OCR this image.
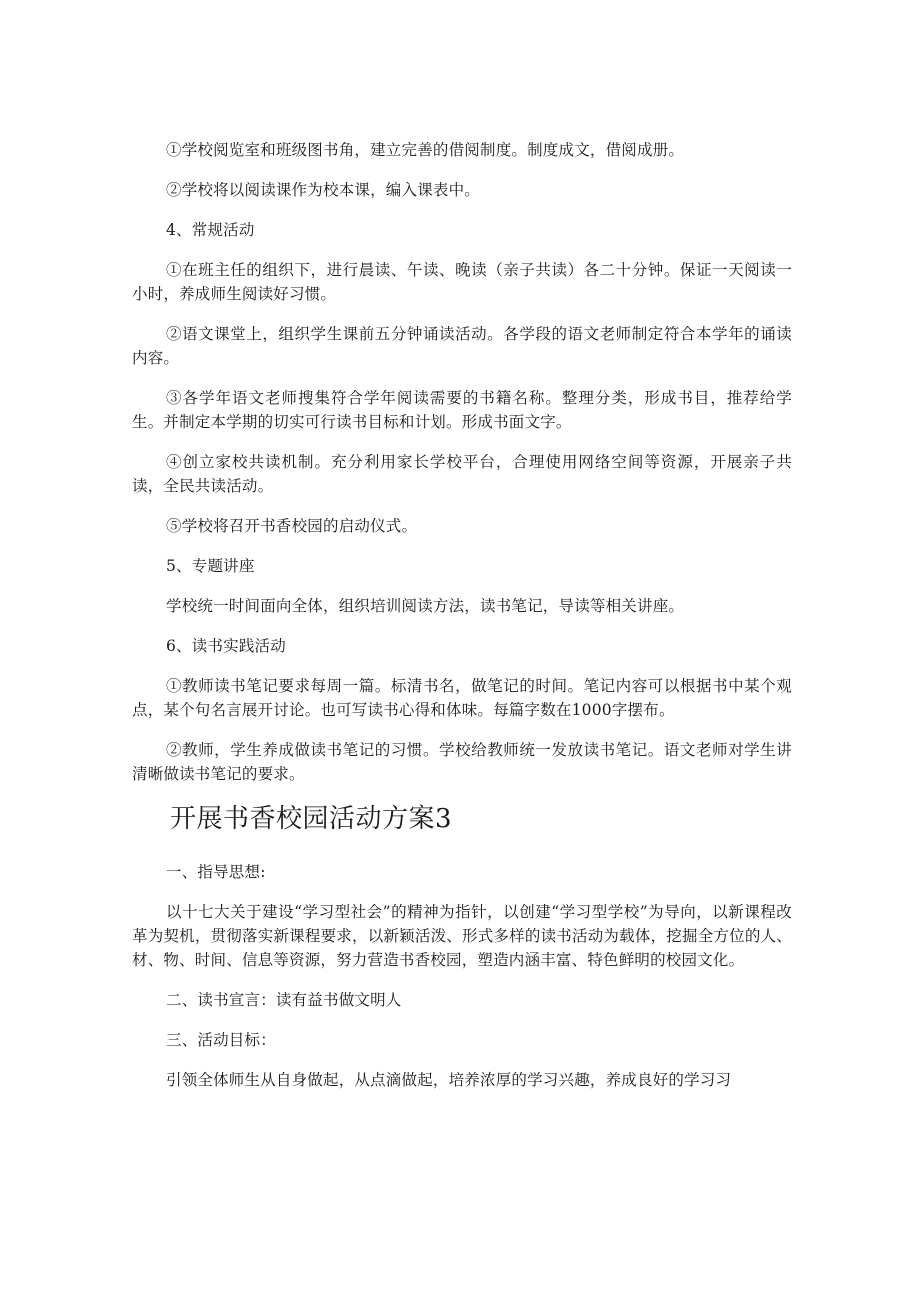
①学校阅览室和班级图书角，建立完善的借阅制度。制度成文，借阅成册。

②学校将以阅读课作为校本课，编入课表中。

4、常规活动

①在班主任的组织下，进行晨读、午读、晚读（亲子共读）各二十分钟。保证一天阅读一小时，养成师生阅读好习惯。

②语文课堂上，组织学生课前五分钟诵读活动。各学段的语文老师制定符合本学年的诵读内容。

③各学年语文老师搜集符合学年阅读需要的书籍名称。整理分类，形成书目，推荐给学生。并制定本学期的切实可行读书目标和计划。形成书面文字。

④创立家校共读机制。充分利用家长学校平台，合理使用网络空间等资源，开展亲子共读，全民共读活动。

⑤学校将召开书香校园的启动仪式。

5、专题讲座

学校统一时间面向全体，组织培训阅读方法，读书笔记，导读等相关讲座。

6、读书实践活动

①教师读书笔记要求每周一篇。标清书名，做笔记的时间。笔记内容可以根据书中某个观点，某个句名言展开讨论。也可写读书心得和体味。每篇字数在1000字摆布。

②教师，学生养成做读书笔记的习惯。学校给教师统一发放读书笔记。语文老师对学生讲清晰做读书笔记的要求。

开展书香校园活动方案3

一、指导思想:

以十七大关于建设“学习型社会”的精神为指针，以创建“学习型学校”为导向，以新课程改革为契机，贯彻落实新课程要求，以新颖活泼、形式多样的读书活动为载体，挖掘全方位的人、材、物、时间、信息等资源，努力营造书香校园，塑造内涵丰富、特色鲜明的校园文化。

二、读书宣言：读有益书做文明人

三、活动目标：

引领全体师生从自身做起，从点滴做起，培养浓厚的学习兴趣，养成良好的学习习
